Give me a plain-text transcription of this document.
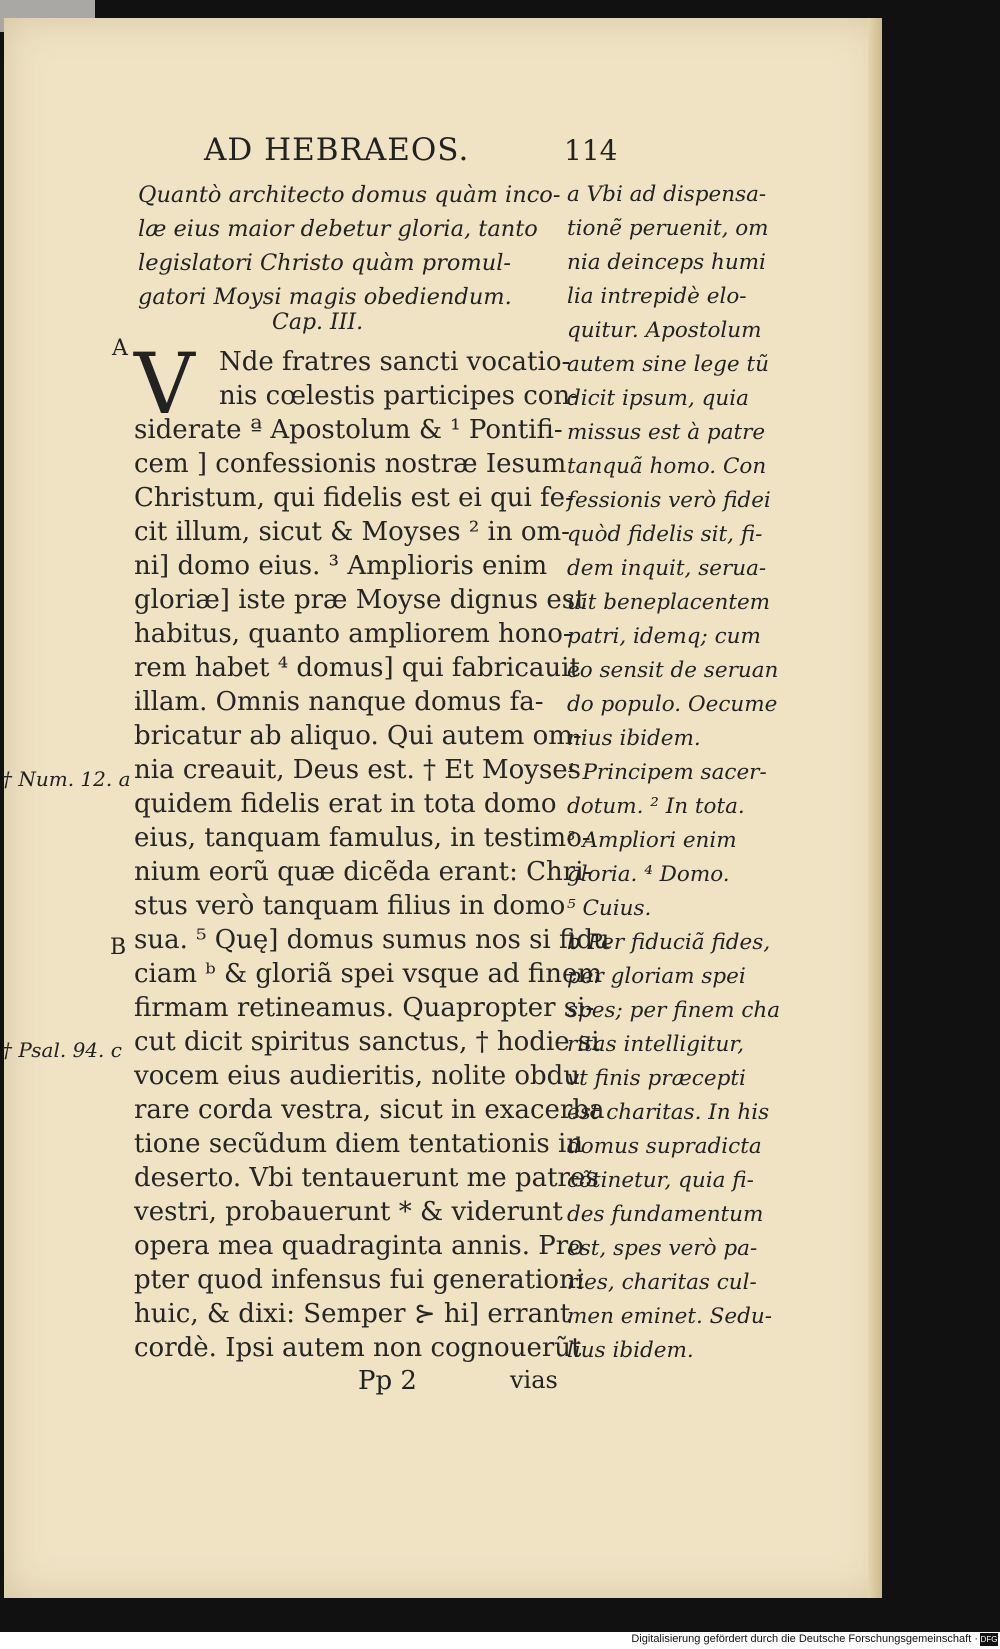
AD HEBRAEOS.	114
Quantò architecto domus quàm inco-
læ eius maior debetur gloria, tanto
legislatori Christo quàm promul-
gatori Moysi magis obediendum.
Cap. III.
A V Nde fratres sancti vocatio-
nis cœlestis participes con-
siderate ª Apostolum & ¹ Pontifi-
cem ] confessionis nostræ Iesum
Christum, qui fidelis est ei qui fe-
cit illum, sicut & Moyses ² in om-
ni] domo eius. ³ Amplioris enim
gloriæ] iste præ Moyse dignus est
habitus, quanto ampliorem hono-
rem habet ⁴ domus] qui fabricauit
illam. Omnis nanque domus fa-
bricatur ab aliquo. Qui autem om-
nia creauit, Deus est. † Et Moyses
quidem fidelis erat in tota domo
eius, tanquam famulus, in testimo-
nium eorũ quæ dicẽda erant: Chri-
stus verò tanquam filius in domo
sua. ⁵ Quę] domus sumus nos si fidu
ciam ᵇ & gloriã spei vsque ad finem
firmam retineamus. Quapropter si-
cut dicit spiritus sanctus, † hodie si
vocem eius audieritis, nolite obdu
rare corda vestra, sicut in exacerba
tione secũdum diem tentationis in
deserto. Vbi tentauerunt me patres
vestri, probauerunt * & viderunt
opera mea quadraginta annis. Pro
pter quod infensus fui generationi
huic, & dixi: Semper ⊱ hi] errant
cordè. Ipsi autem non cognouerũt
a Vbi ad dispensa-
tionẽ peruenit, om
nia deinceps humi
lia intrepidè elo-
quitur. Apostolum
autem sine lege tũ
dicit ipsum, quia
missus est à patre
tanquã homo. Con
fessionis verò fidei
quòd fidelis sit, fi-
dem inquit, serua-
uit beneplacentem
patri, idemq; cum
eo sensit de seruan
do populo. Oecume
nius ibidem.
¹ Principem sacer-
dotum. ² In tota.
³ Ampliori enim
gloria. ⁴ Domo.
⁵ Cuius.
b Per fiduciã fides,
per gloriam spei
spes; per finem cha
ritas intelligitur,
vt finis præcepti
est charitas. In his
domus supradicta
cõtinetur, quia fi-
des fundamentum
est, spes verò pa-
ries, charitas cul-
men eminet. Sedu-
lius ibidem.
† Num. 12. a
B
† Psal. 94. c
Pp 2	vias
Digitalisierung gefördert durch die Deutsche Forschungsgemeinschaft · DFG
